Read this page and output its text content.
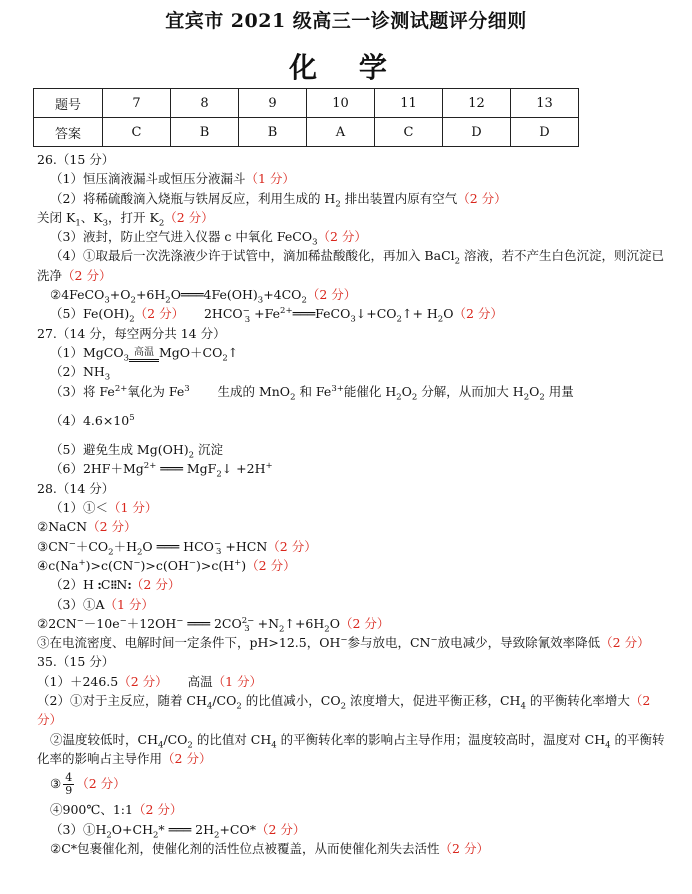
宜宾市 2021 级高三一诊测试题评分细则
化 学
题号	7	8	9	10	11	12	13
答案	C	B	B	A	C	D	D
26.（15 分）
（1）恒压滴液漏斗或恒压分液漏斗（1 分）
（2）将稀硫酸滴入烧瓶与铁屑反应，利用生成的 $H_2$ 排出装置内原有空气（2 分）
关闭 $K_1$、$K_3$，打开 $K_2(2$ 分）
（3）液封，防止空气进入仪器 c 中氧化 FeCO$_3$（2 分）
（4）①取最后一次洗涤液少许于试管中，滴加稀盐酸酸化，再加入 BaCl$_2$ 溶液，若不产生白色沉淀，则沉淀已洗净（2 分）
$②4FeCO_3+O_2+6H_2O═══4Fe(OH)_3+4CO_2(2$ 分）
$(5)Fe(OH)_2(2$ 分） $2HCO^-_3$ $+Fe^{2+}═══FeCO_3↓+CO_2↑+ H_2O(2$ 分）
27.（14 分，每空两分共 14 分）
（1）MgCO$_3$
高温 $MgO+CO_2↑$
$(2)NH_3$
（3）将 $Fe^{2+}$氧化为 Fe$^3$ 生成的 MnO$_2$ 和 $Fe^{3+}$能催化 $H_2O_2$ 分解，从而加大 $H_2O_2$ 用量
$(4)4.6\times 10^5$
（5）避免生成 $Mg(OH)_2$ 沉淀
$(6)2HF+Mg^{2+}$ ═══ MgF$_2$↓ +2H+
28.（14 分）
（1）①＜（1 分）
②NaCN（2 分）
$③CN^-+CO_2+H_2O$ ═══ $HCO^-_3 +HCN(2$ 分）
④c(Na+)>c(CN−)>c(OH−)>c(H+)（2 分）
（2）H :C⁝⁝N:（2 分）
（3）①A（1 分）
②2CN−－10e−＋12OH− ═══ $2CO^{2-}_3$  $+N_2↑+6H_2O(2$ 分）
③在电流密度、电解时间一定条件下，pH>12.5，OH−参与放电，CN−放电减少，导致除氰效率降低（2 分）
35.（15 分）
（1）＋246.5（2 分） 高温（1 分）
（2）①对于主反应，随着 $CH_4/CO_2$ 的比值减小，$CO_2$ 浓度增大，促进平衡正移，$CH_4$ 的平衡转化率增大（2 分）
②温度较低时，$CH_4/CO_2$ 的比值对 $CH_4$ 的平衡转化率的影响占主导作用；温度较高时，温度对 $CH_4$ 的平衡转化率的影响占主导作用（2 分）
③ $\frac{4}{9} (2$ 分）
④900℃、1:1（2 分）
$(3)①H_2O+CH_2*$ ═══ $2H_2+CO*(2$ 分）
②C*包裹催化剂，使催化剂的活性位点被覆盖，从而使催化剂失去活性（2 分）
